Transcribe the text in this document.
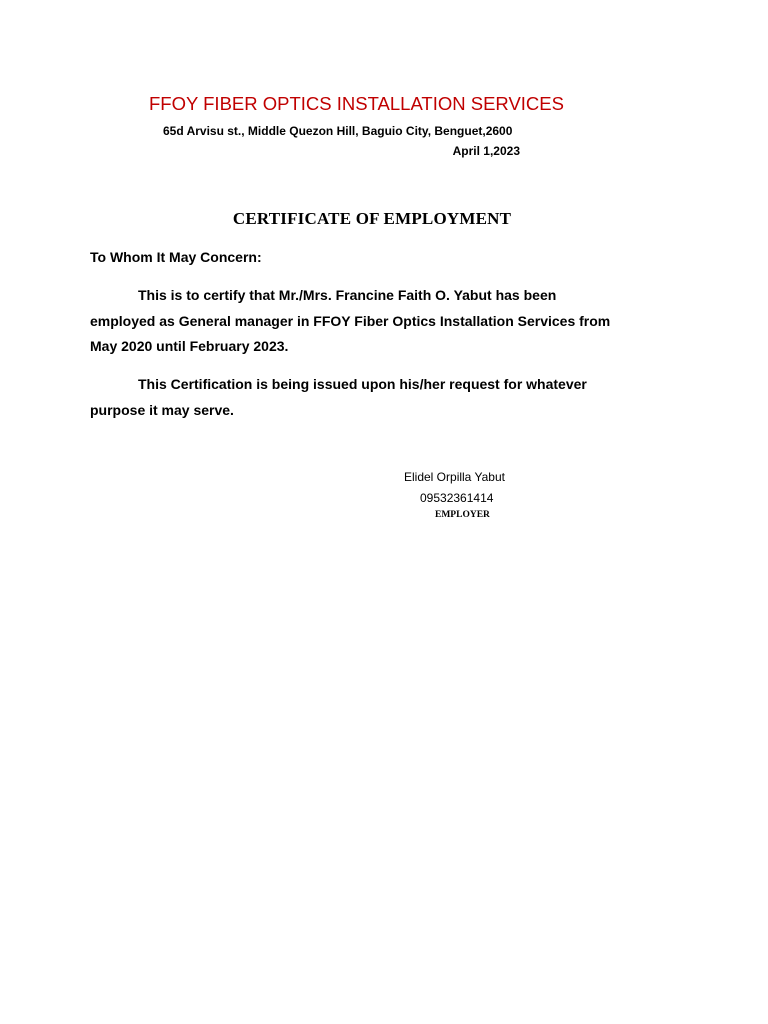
FFOY FIBER OPTICS INSTALLATION SERVICES
65d Arvisu st., Middle Quezon Hill, Baguio City, Benguet,2600
April 1,2023
CERTIFICATE OF EMPLOYMENT
To Whom It May Concern:
This is to certify that Mr./Mrs. Francine Faith O. Yabut has been
employed as General manager in FFOY Fiber Optics Installation Services from
May 2020 until February 2023.
This Certification is being issued upon his/her request for whatever
purpose it may serve.
Elidel Orpilla Yabut
09532361414
EMPLOYER
